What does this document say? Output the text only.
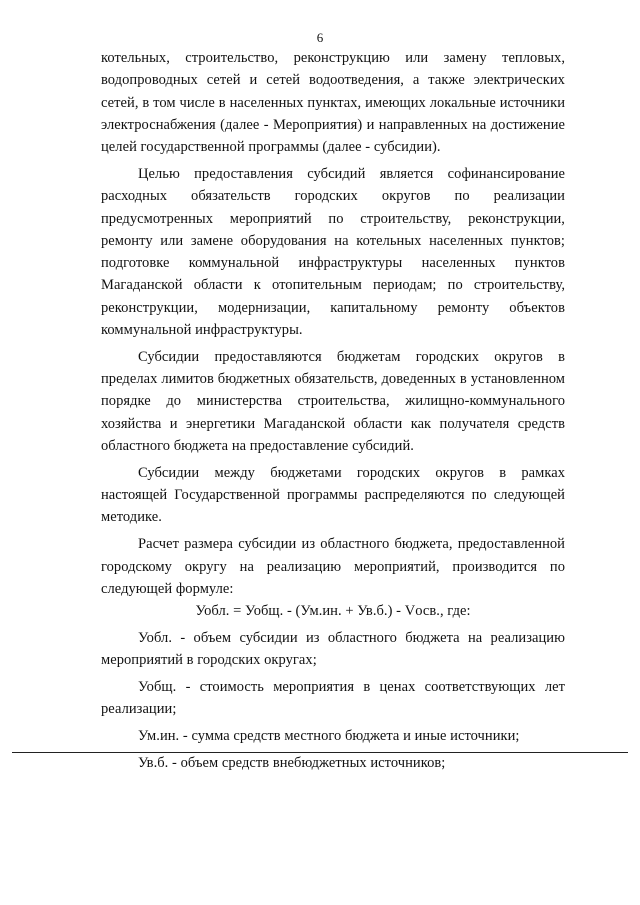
6

котельных, строительство, реконструкцию или замену тепловых, водопроводных сетей и сетей водоотведения, а также электрических сетей, в том числе в населенных пунктах, имеющих локальные источники электроснабжения (далее - Мероприятия) и направленных на достижение целей государственной программы (далее - субсидии).

Целью предоставления субсидий является софинансирование расходных обязательств городских округов по реализации предусмотренных мероприятий по строительству, реконструкции, ремонту или замене оборудования на котельных населенных пунктов; подготовке коммунальной инфраструктуры населенных пунктов Магаданской области к отопительным периодам; по строительству, реконструкции, модернизации, капитальному ремонту объектов коммунальной инфраструктуры.

Субсидии предоставляются бюджетам городских округов в пределах лимитов бюджетных обязательств, доведенных в установленном порядке до министерства строительства, жилищно-коммунального хозяйства и энергетики Магаданской области как получателя средств областного бюджета на предоставление субсидий.

Субсидии между бюджетами городских округов в рамках настоящей Государственной программы распределяются по следующей методике.

Расчет размера субсидии из областного бюджета, предоставленной городскому округу на реализацию мероприятий, производится по следующей формуле:

Уобл. = Уобщ. - (Ум.ин. + Ув.б.) - Vосв., где:

Уобл. - объем субсидии из областного бюджета на реализацию мероприятий в городских округах;

Уобщ. - стоимость мероприятия в ценах соответствующих лет реализации;

Ум.ин. - сумма средств местного бюджета и иные источники;

Ув.б. - объем средств внебюджетных источников;
